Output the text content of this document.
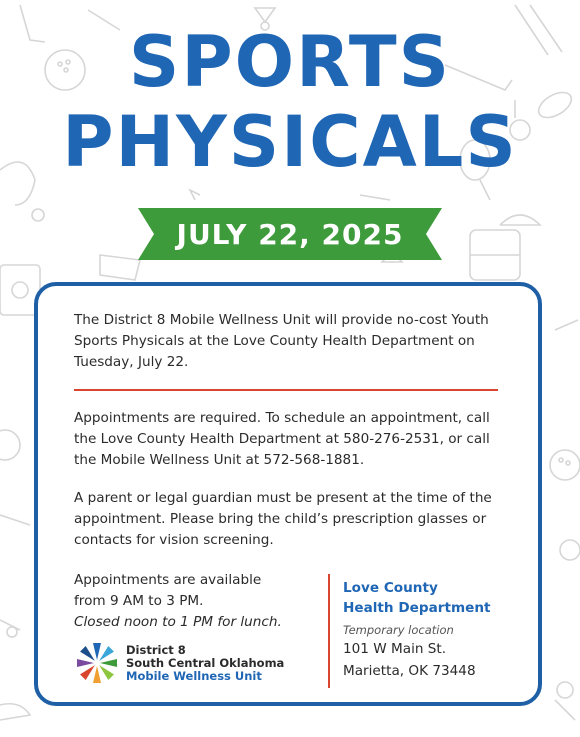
SPORTS
PHYSICALS
JULY 22, 2025

The District 8 Mobile Wellness Unit will provide no-cost Youth Sports Physicals at the Love County Health Department on Tuesday, July 22.

Appointments are required. To schedule an appointment, call the Love County Health Department at 580-276-2531, or call the Mobile Wellness Unit at 572-568-1881.

A parent or legal guardian must be present at the time of the appointment. Please bring the child’s prescription glasses or contacts for vision screening.

Appointments are available
from 9 AM to 3 PM.
Closed noon to 1 PM for lunch.
Love County
Health Department
Temporary location
101 W Main St.
Marietta, OK 73448
District 8
South Central Oklahoma
Mobile Wellness Unit
